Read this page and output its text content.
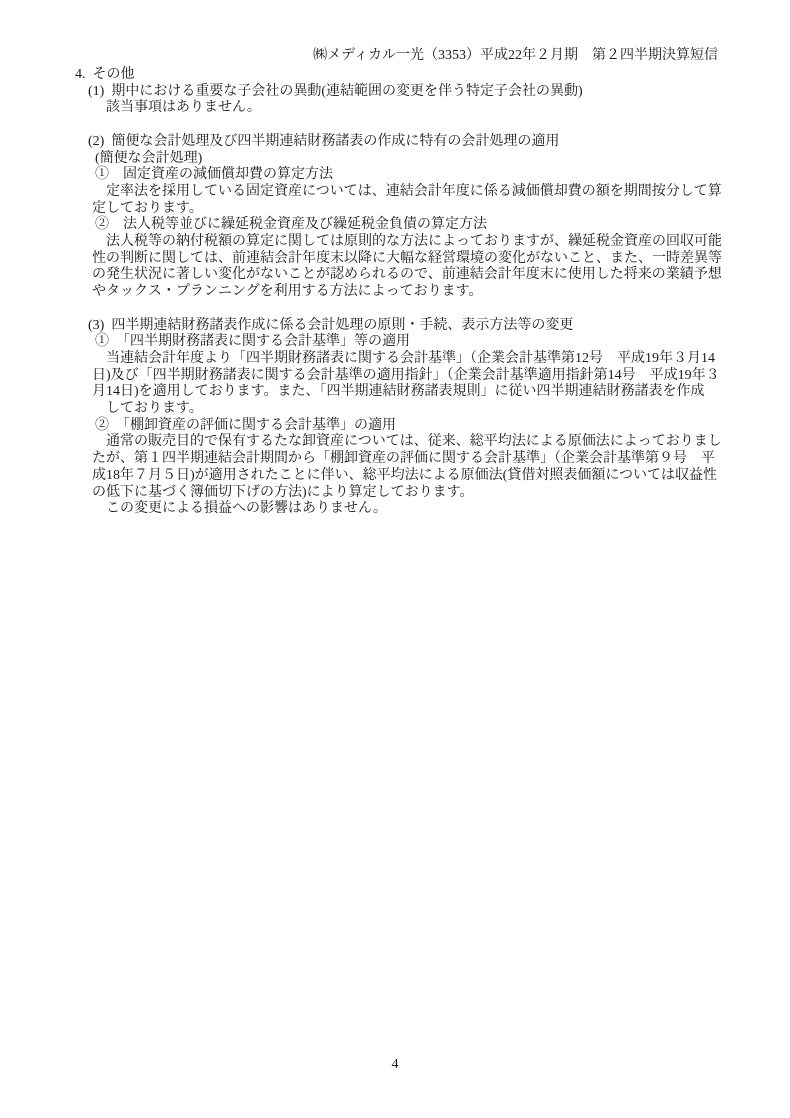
㈱メディカル一光（3353）平成22年２月期　第２四半期決算短信
4.  その他
(1)  期中における重要な子会社の異動(連結範囲の変更を伴う特定子会社の異動)
該当事項はありません。
(2)  簡便な会計処理及び四半期連結財務諸表の作成に特有の会計処理の適用
(簡便な会計処理)
①　固定資産の減価償却費の算定方法
定率法を採用している固定資産については、連結会計年度に係る減価償却費の額を期間按分して算
定しております。
②　法人税等並びに繰延税金資産及び繰延税金負債の算定方法
法人税等の納付税額の算定に関しては原則的な方法によっておりますが、繰延税金資産の回収可能
性の判断に関しては、前連結会計年度末以降に大幅な経営環境の変化がないこと、また、一時差異等
の発生状況に著しい変化がないことが認められるので、前連結会計年度末に使用した将来の業績予想
やタックス・プランニングを利用する方法によっております。
(3)  四半期連結財務諸表作成に係る会計処理の原則・手続、表示方法等の変更
①　「四半期財務諸表に関する会計基準」等の適用
当連結会計年度より「四半期財務諸表に関する会計基準」（企業会計基準第12号　平成19年３月14
日)及び「四半期財務諸表に関する会計基準の適用指針」（企業会計基準適用指針第14号　平成19年３
月14日)を適用しております。また、「四半期連結財務諸表規則」に従い四半期連結財務諸表を作成
しております。
②　「棚卸資産の評価に関する会計基準」の適用
通常の販売目的で保有するたな卸資産については、従来、総平均法による原価法によっておりまし
たが、第１四半期連結会計期間から「棚卸資産の評価に関する会計基準」（企業会計基準第９号　平
成18年７月５日)が適用されたことに伴い、総平均法による原価法(貸借対照表価額については収益性
の低下に基づく簿価切下げの方法)により算定しております。
この変更による損益への影響はありません。
4
